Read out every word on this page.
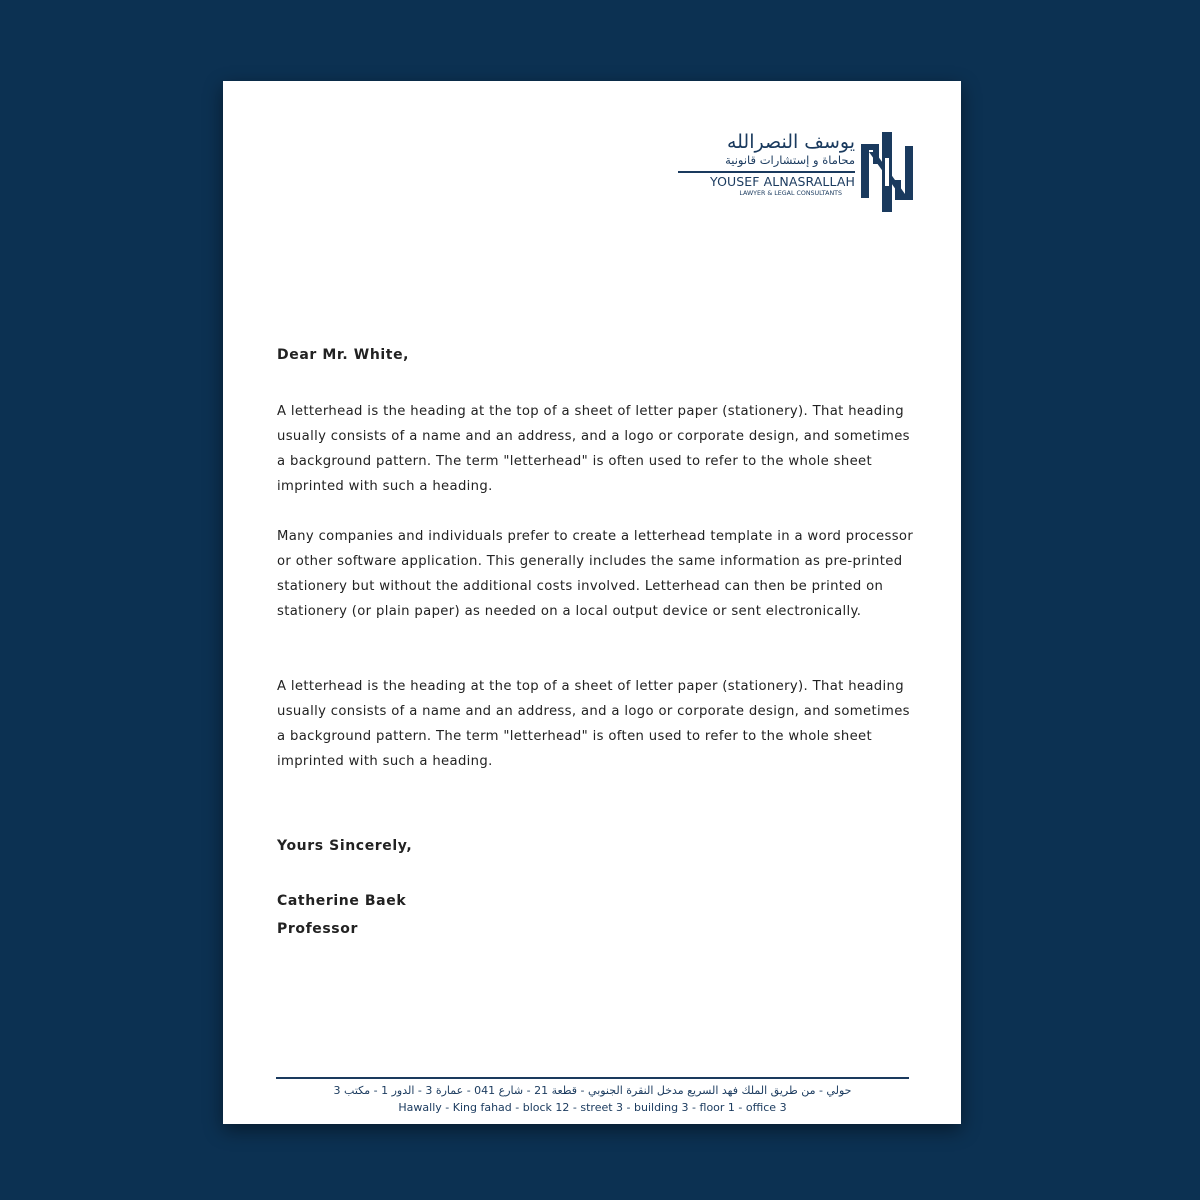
يوسف النصرالله
محاماة و إستشارات قانونية
YOUSEF ALNASRALLAH
LAWYER & LEGAL CONSULTANTS
Dear Mr. White,

A letterhead is the heading at the top of a sheet of letter paper (stationery). That heading usually consists of a name and an address, and a logo or corporate design, and sometimes a background pattern. The term "letterhead" is often used to refer to the whole sheet imprinted with such a heading.

Many companies and individuals prefer to create a letterhead template in a word processor or other software application. This generally includes the same information as pre-printed stationery but without the additional costs involved. Letterhead can then be printed on stationery (or plain paper) as needed on a local output device or sent electronically.

A letterhead is the heading at the top of a sheet of letter paper (stationery). That heading usually consists of a name and an address, and a logo or corporate design, and sometimes a background pattern. The term "letterhead" is often used to refer to the whole sheet imprinted with such a heading.

Yours Sincerely,
Catherine Baek
Professor
حولي - من طريق الملك فهد السريع مدخل النقرة الجنوبي - قطعة 21 - شارع 041 - عمارة 3 - الدور 1 - مكتب 3
Hawally - King fahad - block 12 - street 3 - building 3 - floor 1 - office 3
